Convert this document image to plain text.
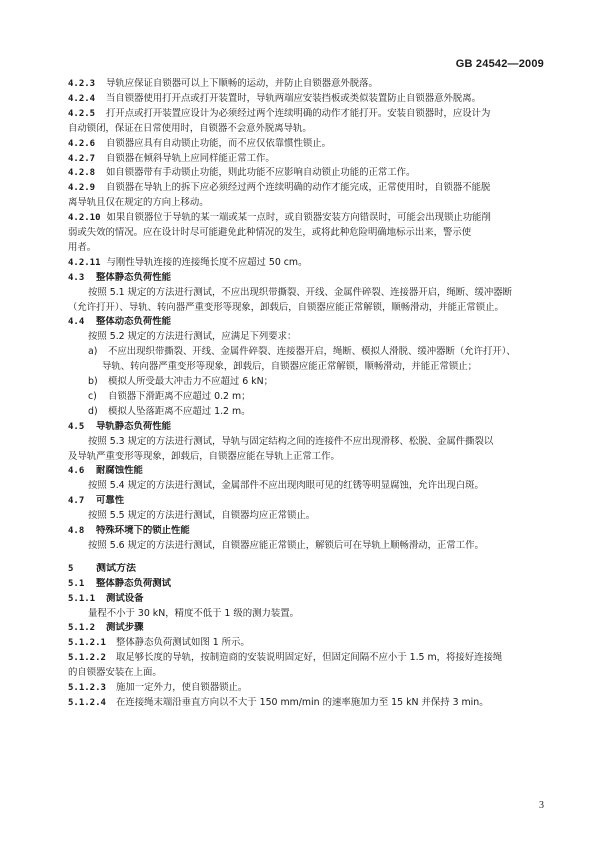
GB 24542—2009
4.2.3 导轨应保证自锁器可以上下顺畅的运动，并防止自锁器意外脱落。
4.2.4 当自锁器使用打开点或打开装置时，导轨两端应安装挡板或类似装置防止自锁器意外脱离。
4.2.5 打开点或打开装置应设计为必须经过两个连续明确的动作才能打开。安装自锁器时，应设计为
自动锁闭，保证在日常使用时，自锁器不会意外脱离导轨。
4.2.6 自锁器应具有自动锁止功能，而不应仅依靠惯性锁止。
4.2.7 自锁器在倾斜导轨上应同样能正常工作。
4.2.8 如自锁器带有手动锁止功能，则此功能不应影响自动锁止功能的正常工作。
4.2.9 自锁器在导轨上的拆下应必须经过两个连续明确的动作才能完成，正常使用时，自锁器不能脱
离导轨且仅在规定的方向上移动。
4.2.10 如果自锁器位于导轨的某一端或某一点时，或自锁器安装方向错误时，可能会出现锁止功能削
弱或失效的情况。应在设计时尽可能避免此种情况的发生，或将此种危险明确地标示出来，警示使
用者。
4.2.11 与刚性导轨连接的连接绳长度不应超过 50 cm。
4.3 整体静态负荷性能
按照 5.1 规定的方法进行测试，不应出现织带撕裂、开线、金属件碎裂、连接器开启，绳断、缓冲器断
（允许打开）、导轨、转向器严重变形等现象，卸载后，自锁器应能正常解锁，顺畅滑动，并能正常锁止。
4.4 整体动态负荷性能
按照 5.2 规定的方法进行测试，应满足下列要求：
a) 不应出现织带撕裂、开线、金属件碎裂、连接器开启，绳断、模拟人滑脱、缓冲器断（允许打开）、
导轨、转向器严重变形等现象，卸载后，自锁器应能正常解锁，顺畅滑动，并能正常锁止；
b) 模拟人所受最大冲击力不应超过 6 kN；
c) 自锁器下滑距离不应超过 0.2 m；
d) 模拟人坠落距离不应超过 1.2 m。
4.5 导轨静态负荷性能
按照 5.3 规定的方法进行测试，导轨与固定结构之间的连接件不应出现滑移、松脱、金属件撕裂以
及导轨严重变形等现象，卸载后，自锁器应能在导轨上正常工作。
4.6 耐腐蚀性能
按照 5.4 规定的方法进行测试，金属部件不应出现肉眼可见的红锈等明显腐蚀，允许出现白斑。
4.7 可靠性
按照 5.5 规定的方法进行测试，自锁器均应正常锁止。
4.8 特殊环境下的锁止性能
按照 5.6 规定的方法进行测试，自锁器应能正常锁止，解锁后可在导轨上顺畅滑动，正常工作。
5 测试方法
5.1 整体静态负荷测试
5.1.1 测试设备
量程不小于 30 kN，精度不低于 1 级的测力装置。
5.1.2 测试步骤
5.1.2.1 整体静态负荷测试如图 1 所示。
5.1.2.2 取足够长度的导轨，按制造商的安装说明固定好，但固定间隔不应小于 1.5 m，将接好连接绳
的自锁器安装在上面。
5.1.2.3 施加一定外力，使自锁器锁止。
5.1.2.4 在连接绳末端沿垂直方向以不大于 150 mm/min 的速率施加力至 15 kN 并保持 3 min。
3
